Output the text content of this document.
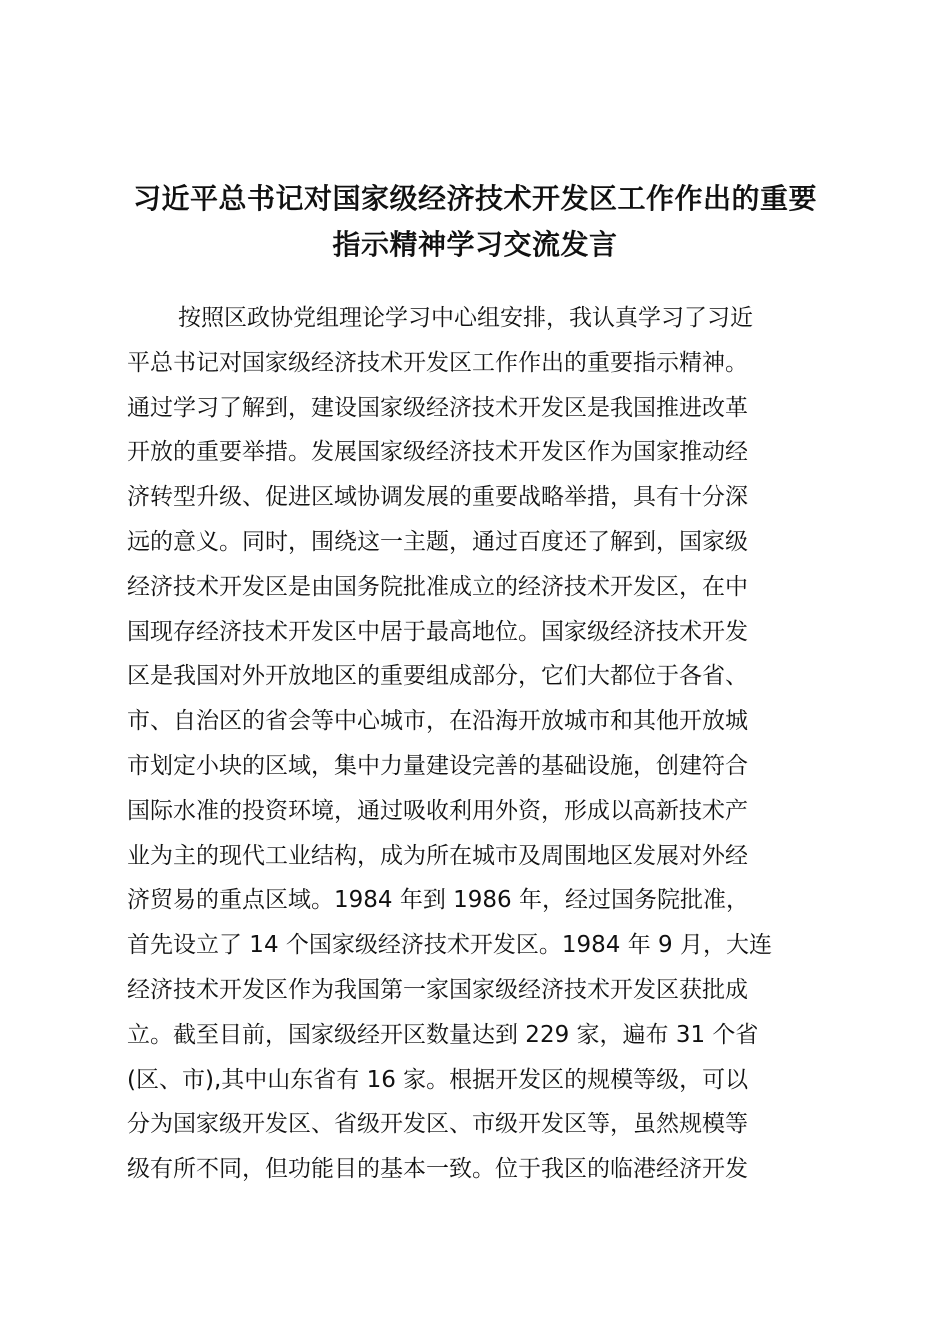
习近平总书记对国家级经济技术开发区工作作出的重要
指示精神学习交流发言
按照区政协党组理论学习中心组安排，我认真学习了习近
平总书记对国家级经济技术开发区工作作出的重要指示精神。
通过学习了解到，建设国家级经济技术开发区是我国推进改革
开放的重要举措。发展国家级经济技术开发区作为国家推动经
济转型升级、促进区域协调发展的重要战略举措，具有十分深
远的意义。同时，围绕这一主题，通过百度还了解到，国家级
经济技术开发区是由国务院批准成立的经济技术开发区，在中
国现存经济技术开发区中居于最高地位。国家级经济技术开发
区是我国对外开放地区的重要组成部分，它们大都位于各省、
市、自治区的省会等中心城市，在沿海开放城市和其他开放城
市划定小块的区域，集中力量建设完善的基础设施，创建符合
国际水准的投资环境，通过吸收利用外资，形成以高新技术产
业为主的现代工业结构，成为所在城市及周围地区发展对外经
济贸易的重点区域。1984 年到 1986 年，经过国务院批准，
首先设立了 14 个国家级经济技术开发区。1984 年 9 月，大连
经济技术开发区作为我国第一家国家级经济技术开发区获批成
立。截至目前，国家级经开区数量达到 229 家，遍布 31 个省
(区、市),其中山东省有 16 家。根据开发区的规模等级，可以
分为国家级开发区、省级开发区、市级开发区等，虽然规模等
级有所不同，但功能目的基本一致。位于我区的临港经济开发
